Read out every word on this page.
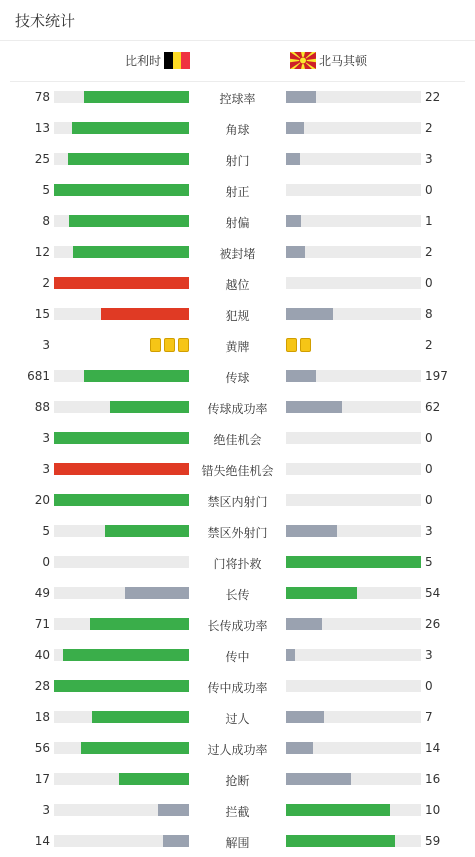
技术统计
比利时	北马其顿
78	控球率	22
13	角球	2
25	射门	3
5	射正	0
8	射偏	1
12	被封堵	2
2	越位	0
15	犯规	8
3	黄牌	2
681	传球	197
88	传球成功率	62
3	绝佳机会	0
3	错失绝佳机会	0
20	禁区内射门	0
5	禁区外射门	3
0	门将扑救	5
49	长传	54
71	长传成功率	26
40	传中	3
28	传中成功率	0
18	过人	7
56	过人成功率	14
17	抢断	16
3	拦截	10
14	解围	59
